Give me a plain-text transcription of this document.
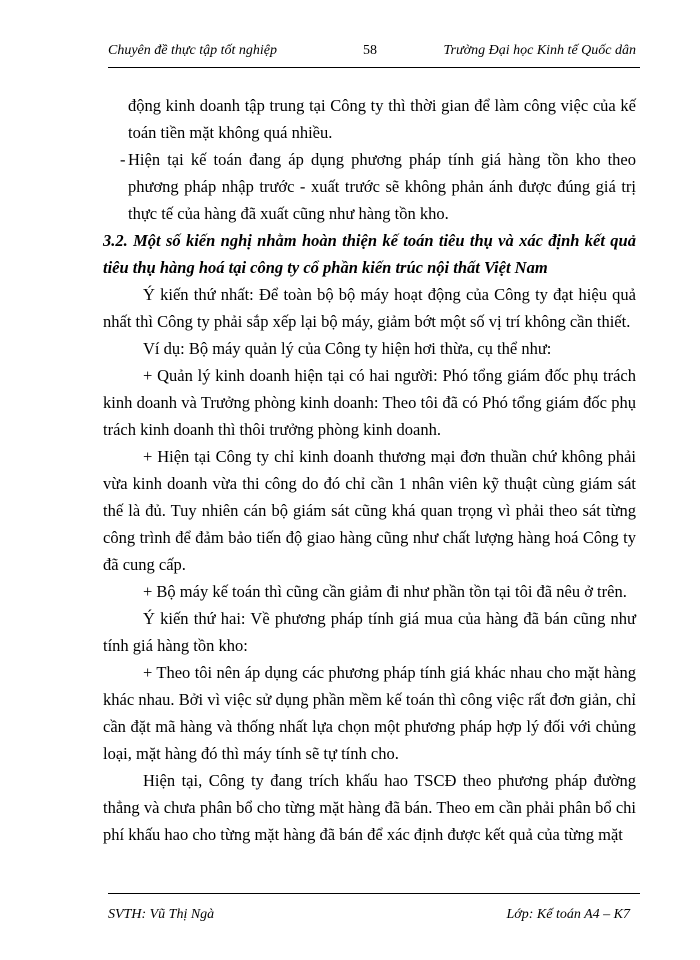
Chuyên đề thực tập tốt nghiệp	58	Trường Đại học Kinh tế Quốc dân

động kinh doanh tập trung tại Công ty thì thời gian để làm công việc của kế toán tiền mặt không quá nhiều.

- Hiện tại kế toán đang áp dụng phương pháp tính giá hàng tồn kho theo phương pháp nhập trước - xuất trước sẽ không phản ánh được đúng giá trị thực tế của hàng đã xuất cũng như hàng tồn kho.

3.2. Một số kiến nghị nhằm hoàn thiện kế toán tiêu thụ và xác định kết quả tiêu thụ hàng hoá tại công ty cổ phần kiến trúc nội thất Việt Nam

Ý kiến thứ nhất: Để toàn bộ bộ máy hoạt động của Công ty đạt hiệu quả nhất thì Công ty phải sắp xếp lại bộ máy, giảm bớt một số vị trí không cần thiết.

Ví dụ: Bộ máy quản lý của Công ty hiện hơi thừa, cụ thể như:

+ Quản lý kinh doanh hiện tại có hai người: Phó tổng giám đốc phụ trách kinh doanh và Trưởng phòng kinh doanh: Theo tôi đã có Phó tổng giám đốc phụ trách kinh doanh thì thôi trưởng phòng kinh doanh.

+ Hiện tại Công ty chỉ kinh doanh thương mại đơn thuần chứ không phải vừa kinh doanh vừa thi công do đó chỉ cần 1 nhân viên kỹ thuật cùng giám sát thế là đủ. Tuy nhiên cán bộ giám sát cũng khá quan trọng vì phải theo sát từng công trình để đảm bảo tiến độ giao hàng cũng như chất lượng hàng hoá Công ty đã cung cấp.

+ Bộ máy kế toán thì cũng cần giảm đi như phần tồn tại tôi đã nêu ở trên.

Ý kiến thứ hai: Về phương pháp tính giá mua của hàng đã bán cũng như tính giá hàng tồn kho:

+ Theo tôi nên áp dụng các phương pháp tính giá khác nhau cho mặt hàng khác nhau. Bởi vì việc sử dụng phần mềm kế toán thì công việc rất đơn giản, chỉ cần đặt mã hàng và thống nhất lựa chọn một phương pháp hợp lý đối với chủng loại, mặt hàng đó thì máy tính sẽ tự tính cho.

Hiện tại, Công ty đang trích khấu hao TSCĐ theo phương pháp đường thẳng và chưa phân bổ cho từng mặt hàng đã bán. Theo em cần phải phân bổ chi phí khấu hao cho từng mặt hàng đã bán để xác định được kết quả của từng mặt

SVTH: Vũ Thị Ngà	Lớp: Kế toán A4 – K7
